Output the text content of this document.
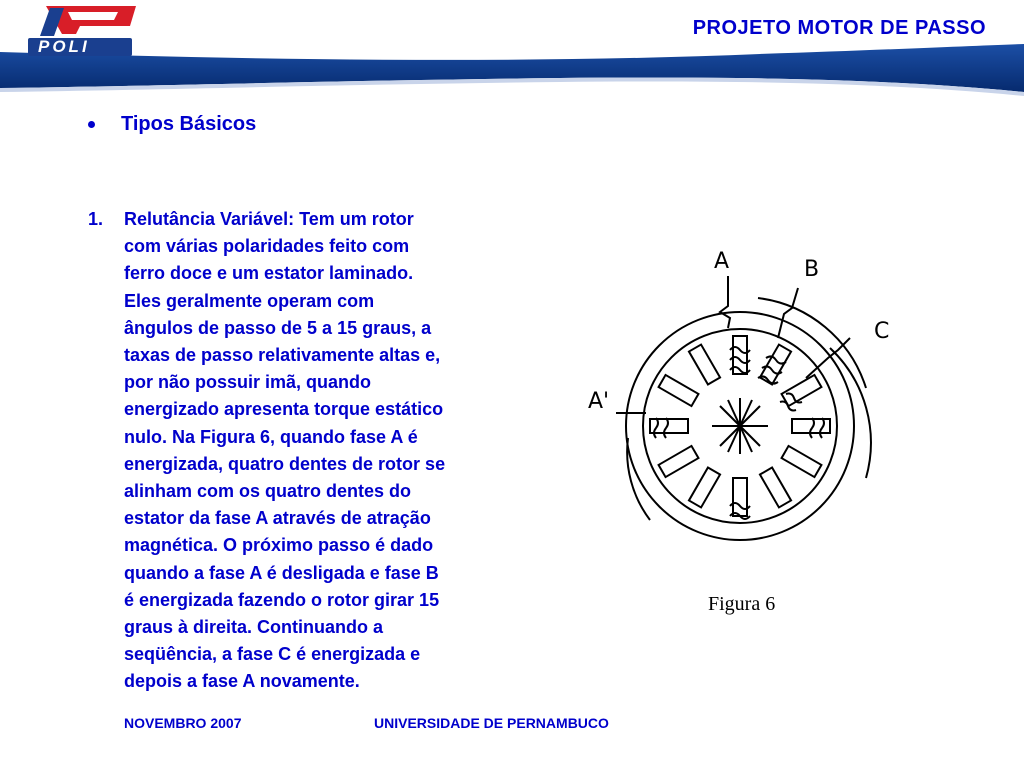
POLI
PROJETO MOTOR DE PASSO
Tipos Básicos
1. Relutância Variável: Tem um rotor
com várias polaridades feito com
ferro doce e um estator laminado.
Eles geralmente operam com
ângulos de passo de 5 a 15 graus, a
taxas de passo relativamente altas e,
por não possuir imã, quando
energizado apresenta torque estático
nulo. Na Figura 6, quando fase A é
energizada, quatro dentes de rotor se
alinham com os quatro dentes do
estator da fase A através de atração
magnética. O próximo passo é dado
quando a fase A é desligada e fase B
é energizada fazendo o rotor girar 15
graus à direita. Continuando a
seqüência, a fase C é energizada e
depois a fase A novamente.
A	B
C
A'
Figura 6
NOVEMBRO 2007	UNIVERSIDADE DE PERNAMBUCO
